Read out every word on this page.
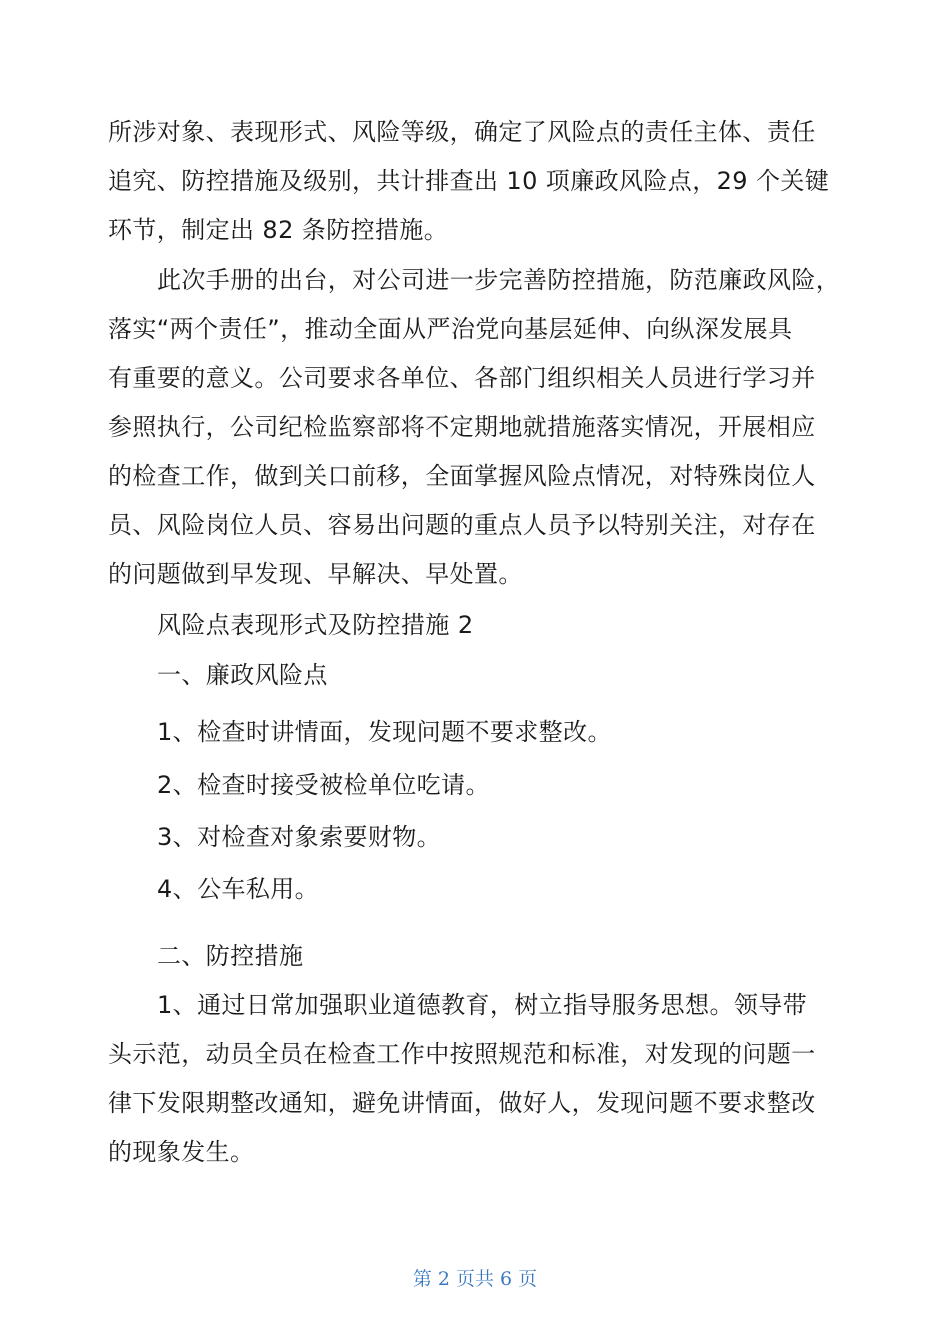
所涉对象、表现形式、风险等级，确定了风险点的责任主体、责任
追究、防控措施及级别，共计排查出 10 项廉政风险点，29 个关键
环节，制定出 82 条防控措施。
此次手册的出台，对公司进一步完善防控措施，防范廉政风险，
落实“两个责任”，推动全面从严治党向基层延伸、向纵深发展具
有重要的意义。公司要求各单位、各部门组织相关人员进行学习并
参照执行，公司纪检监察部将不定期地就措施落实情况，开展相应
的检查工作，做到关口前移，全面掌握风险点情况，对特殊岗位人
员、风险岗位人员、容易出问题的重点人员予以特别关注，对存在
的问题做到早发现、早解决、早处置。
风险点表现形式及防控措施 2
一、廉政风险点
1、检查时讲情面，发现问题不要求整改。
2、检查时接受被检单位吃请。
3、对检查对象索要财物。
4、公车私用。
二、防控措施
1、通过日常加强职业道德教育，树立指导服务思想。领导带
头示范，动员全员在检查工作中按照规范和标准，对发现的问题一
律下发限期整改通知，避免讲情面，做好人，发现问题不要求整改
的现象发生。
第 2 页共 6 页
